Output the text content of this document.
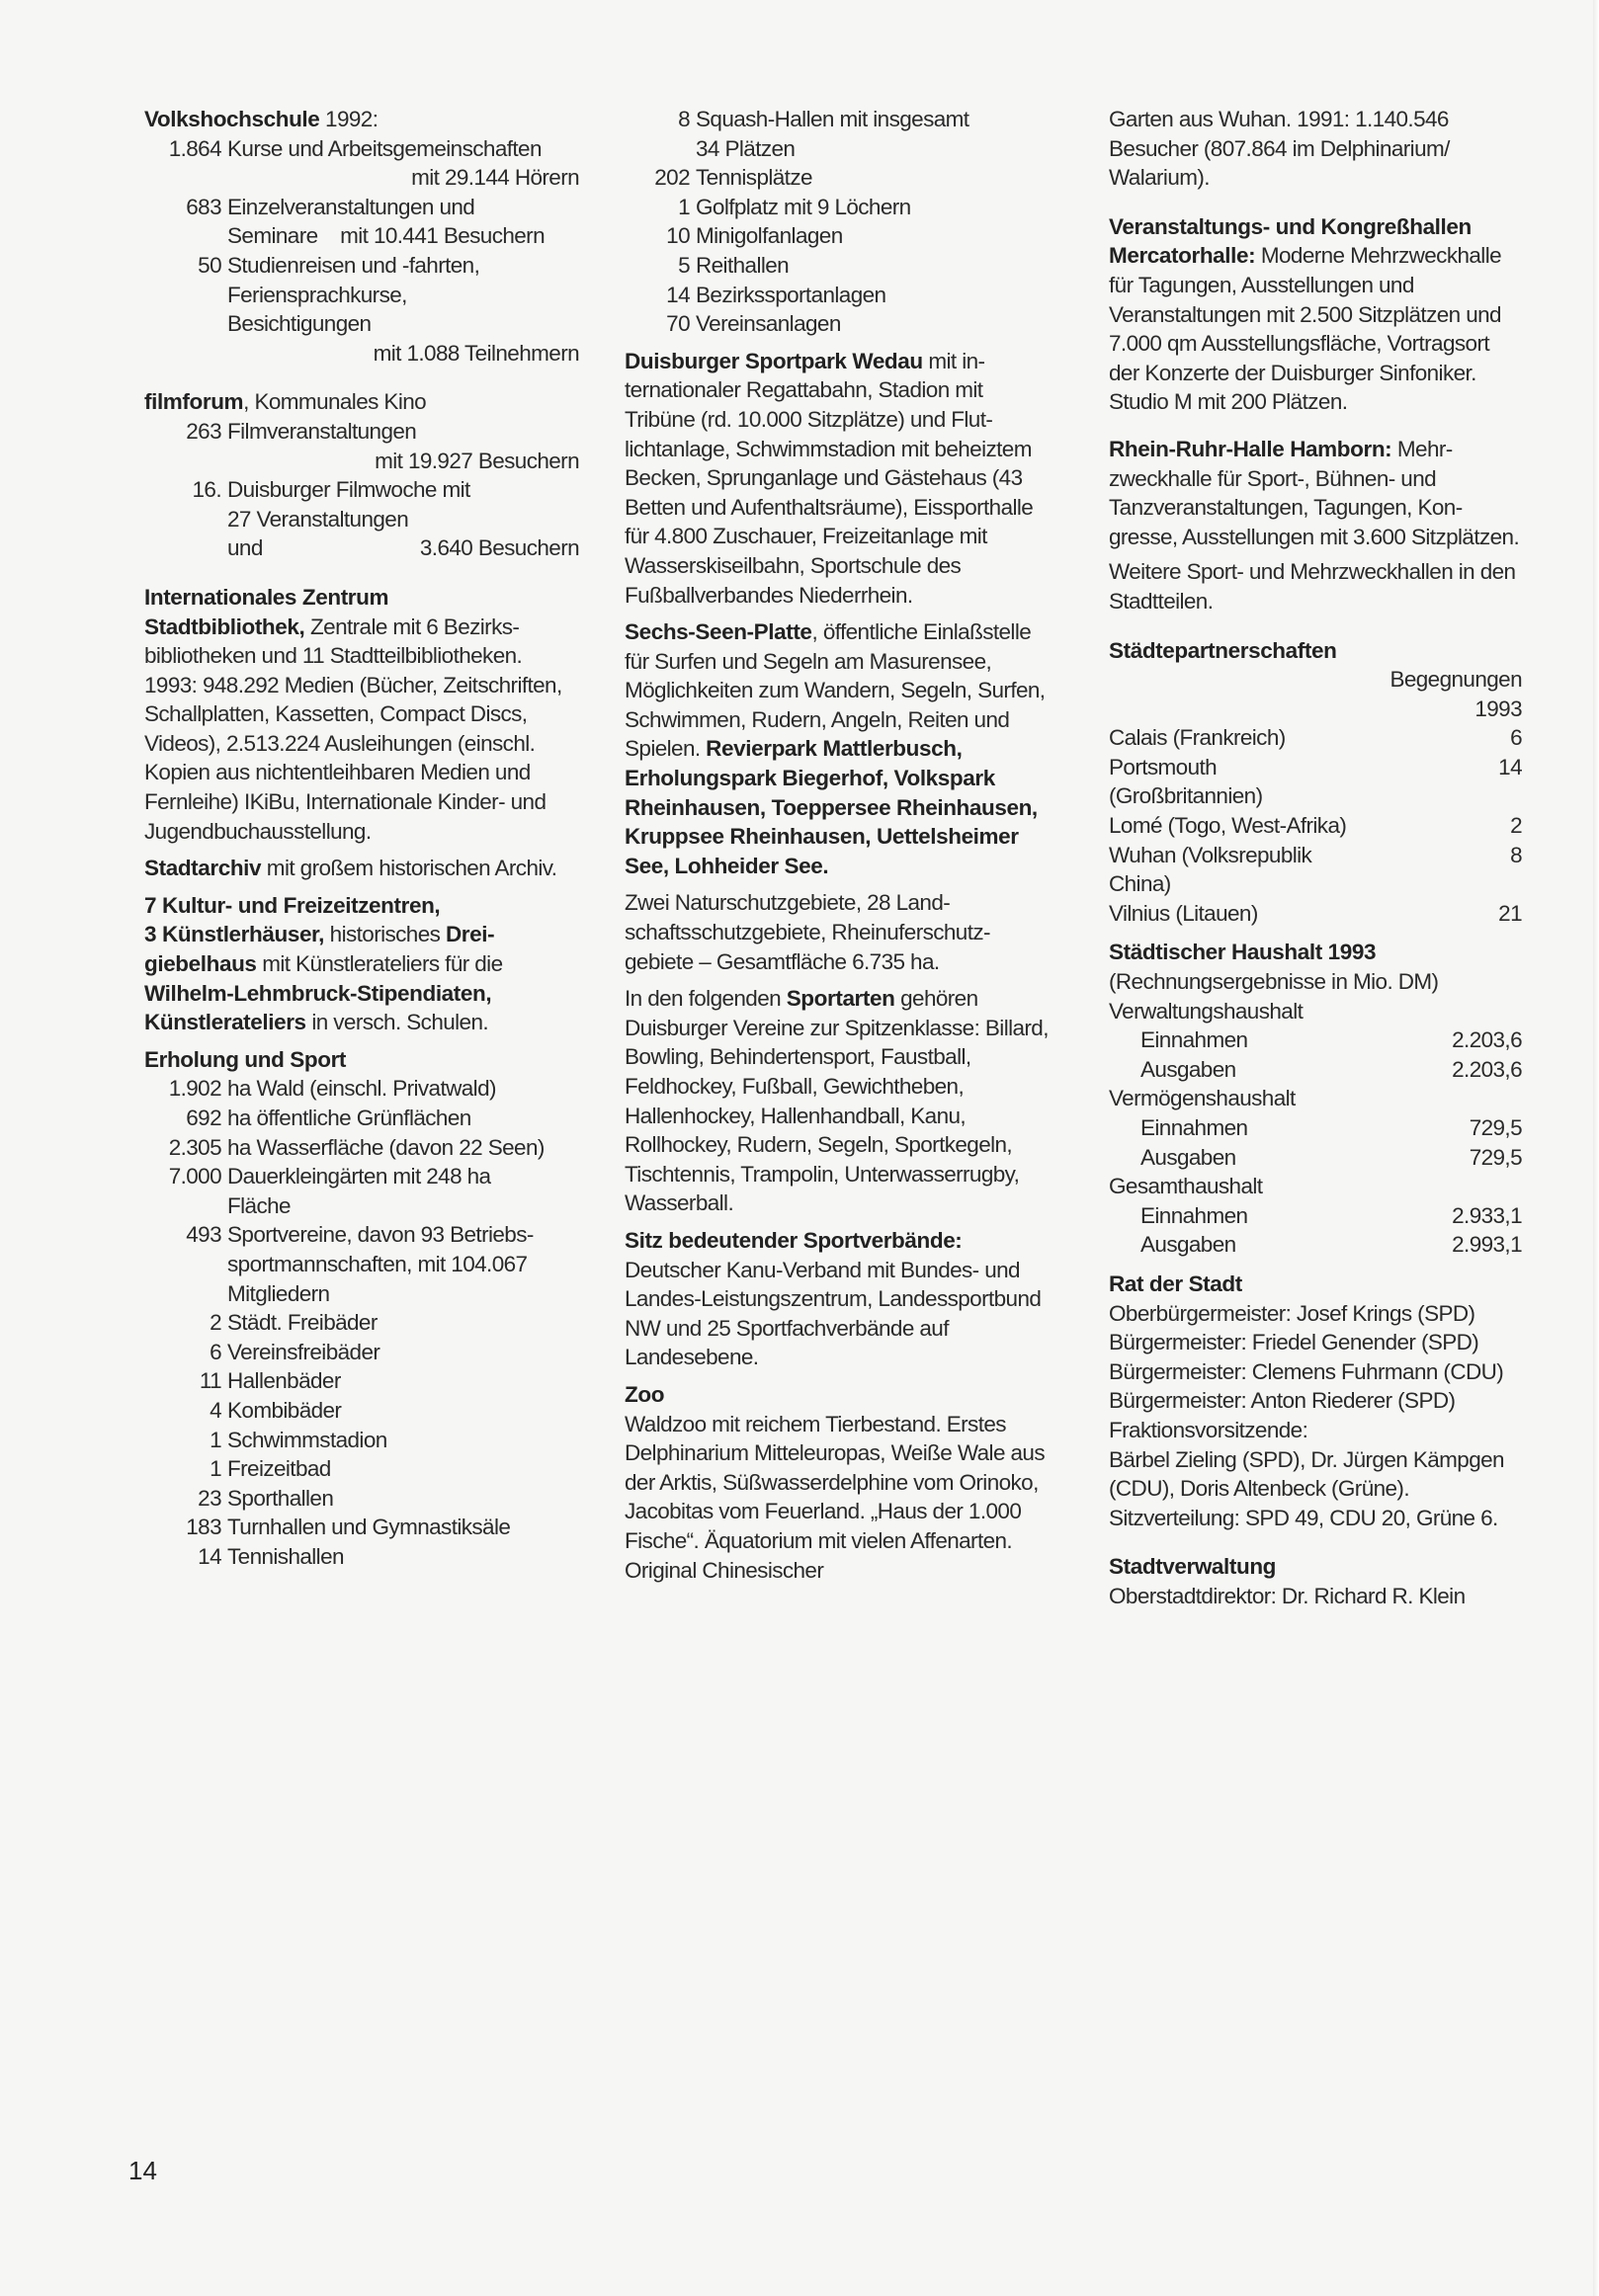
Volkshochschule 1992:

1.864 Kurse und Arbeitsgemeinschaften
mit 29.144 Hörern
683 Einzelveranstaltungen und
Seminare    mit 10.441 Besuchern
50 Studienreisen und -fahrten,
Feriensprachkurse,
Besichtigungen
mit 1.088 Teilnehmern

filmforum, Kommunales Kino

263 Filmveranstaltungen
mit 19.927 Besuchern
16. Duisburger Filmwoche mit
27 Veranstaltungen
und	3.640 Besuchern

Internationales Zentrum
Stadtbibliothek, Zentrale mit 6 Bezirksbibliotheken und 11 Stadtteilbibliotheken.

1993: 948.292 Medien (Bücher, Zeitschriften, Schallplatten, Kassetten, Compact Discs, Videos), 2.513.224 Ausleihungen (einschl. Kopien aus nichtentleihbaren Medien und Fernleihe) IKiBu, Internationale Kinder- und Jugendbuchausstellung.

Stadtarchiv mit großem historischen Archiv.

7 Kultur- und Freizeitzentren,
3 Künstlerhäuser, historisches Dreigiebelhaus mit Künstlerateliers für die Wilhelm-Lehmbruck-Stipendiaten, Künstlerateliers in versch. Schulen.

Erholung und Sport

1.902 ha Wald (einschl. Privatwald)
692 ha öffentliche Grünflächen
2.305 ha Wasserfläche (davon 22 Seen)
7.000 Dauerkleingärten mit 248 ha
Fläche
493 Sportvereine, davon 93 Betriebs-
sportmannschaften, mit 104.067
Mitgliedern
2 Städt. Freibäder
6 Vereinsfreibäder
11 Hallenbäder
4 Kombibäder
1 Schwimmstadion
1 Freizeitbad
23 Sporthallen
183 Turnhallen und Gymnastiksäle
14 Tennishallen
8 Squash-Hallen mit insgesamt
34 Plätzen
202 Tennisplätze
1 Golfplatz mit 9 Löchern
10 Minigolfanlagen
5 Reithallen
14 Bezirkssportanlagen
70 Vereinsanlagen

Duisburger Sportpark Wedau mit internationaler Regattabahn, Stadion mit Tribüne (rd. 10.000 Sitzplätze) und Flutlichtanlage, Schwimmstadion mit beheiztem Becken, Sprunganlage und Gästehaus (43 Betten und Aufenthaltsräume), Eissporthalle für 4.800 Zuschauer, Freizeitanlage mit Wasserskiseilbahn, Sportschule des Fußballverbandes Niederrhein.

Sechs-Seen-Platte, öffentliche Einlaßstelle für Surfen und Segeln am Masurensee, Möglichkeiten zum Wandern, Segeln, Surfen, Schwimmen, Rudern, Angeln, Reiten und Spielen. Revierpark Mattlerbusch, Erholungspark Biegerhof, Volkspark Rheinhausen, Toeppersee Rheinhausen, Kruppsee Rheinhausen, Uettelsheimer See, Lohheider See.

Zwei Naturschutzgebiete, 28 Landschaftsschutzgebiete, Rheinuferschutzgebiete – Gesamtfläche 6.735 ha.

In den folgenden Sportarten gehören Duisburger Vereine zur Spitzenklasse: Billard, Bowling, Behindertensport, Faustball, Feldhockey, Fußball, Gewichtheben, Hallenhockey, Hallenhandball, Kanu, Rollhockey, Rudern, Segeln, Sportkegeln, Tischtennis, Trampolin, Unterwasserrugby, Wasserball.

Sitz bedeutender Sportverbände:

Deutscher Kanu-Verband mit Bundes- und Landes-Leistungszentrum, Landessportbund NW und 25 Sportfachverbände auf Landesebene.

Zoo

Waldzoo mit reichem Tierbestand. Erstes Delphinarium Mitteleuropas, Weiße Wale aus der Arktis, Süßwasserdelphine vom Orinoko, Jacobitas vom Feuerland. „Haus der 1.000 Fische“. Äquatorium mit vielen Affenarten. Original Chinesischer

Garten aus Wuhan. 1991: 1.140.546 Besucher (807.864 im Delphinarium/ Walarium).

Veranstaltungs- und Kongreßhallen
Mercatorhalle: Moderne Mehrzweckhalle für Tagungen, Ausstellungen und Veranstaltungen mit 2.500 Sitzplätzen und 7.000 qm Ausstellungsfläche, Vortragsort der Konzerte der Duisburger Sinfoniker. Studio M mit 200 Plätzen.

Rhein-Ruhr-Halle Hamborn: Mehrzweckhalle für Sport-, Bühnen- und Tanzveranstaltungen, Tagungen, Kongresse, Ausstellungen mit 3.600 Sitzplätzen.

Weitere Sport- und Mehrzweckhallen in den Stadtteilen.

Städtepartnerschaften

	Begegnungen 1993
Calais (Frankreich)	6
Portsmouth (Großbritannien)	14
Lomé (Togo, West-Afrika)	2
Wuhan (Volksrepublik China)	8
Vilnius (Litauen)	21

Städtischer Haushalt 1993

(Rechnungsergebnisse in Mio. DM)

Verwaltungshaushalt	
Einnahmen	2.203,6
Ausgaben	2.203,6
Vermögenshaushalt	
Einnahmen	729,5
Ausgaben	729,5
Gesamthaushalt	
Einnahmen	2.933,1
Ausgaben	2.993,1

Rat der Stadt

Oberbürgermeister: Josef Krings (SPD)

Bürgermeister: Friedel Genender (SPD)

Bürgermeister: Clemens Fuhrmann (CDU)

Bürgermeister: Anton Riederer (SPD)

Fraktionsvorsitzende:

Bärbel Zieling (SPD), Dr. Jürgen Kämpgen (CDU), Doris Altenbeck (Grüne).

Sitzverteilung: SPD 49, CDU 20, Grüne 6.

Stadtverwaltung

Oberstadtdirektor: Dr. Richard R. Klein

14
